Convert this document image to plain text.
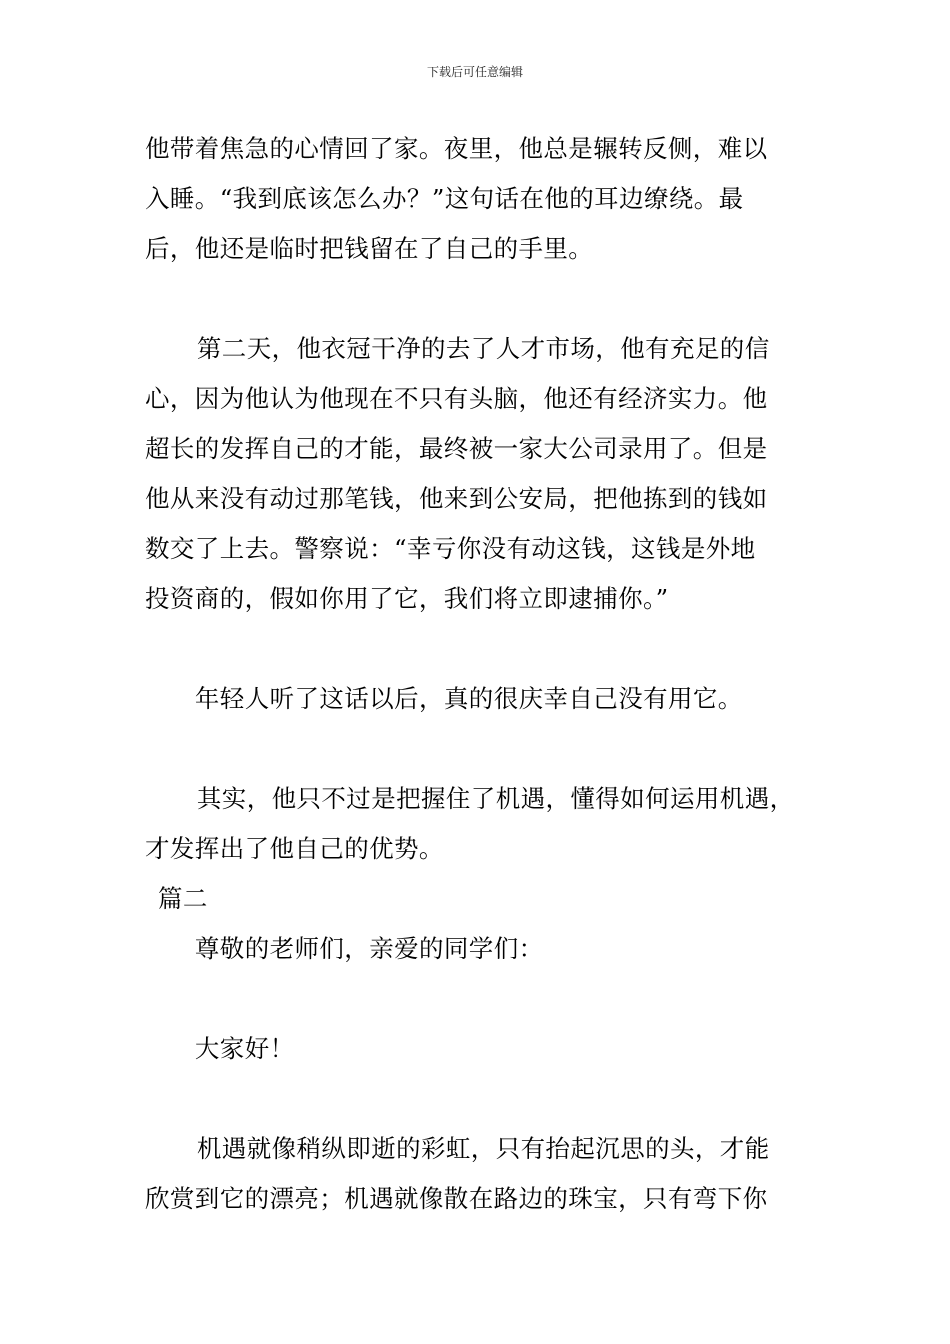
下载后可任意编辑
他带着焦急的心情回了家。夜里，他总是辗转反侧，难以
入睡。“我到底该怎么办？”这句话在他的耳边缭绕。最
后，他还是临时把钱留在了自己的手里。
　第二天，他衣冠干净的去了人才市场，他有充足的信
心，因为他认为他现在不只有头脑，他还有经济实力。他
超长的发挥自己的才能，最终被一家大公司录用了。但是
他从来没有动过那笔钱，他来到公安局，把他拣到的钱如
数交了上去。警察说：“幸亏你没有动这钱，这钱是外地
投资商的，假如你用了它，我们将立即逮捕你。”
　年轻人听了这话以后，真的很庆幸自己没有用它。
　其实，他只不过是把握住了机遇，懂得如何运用机遇，
才发挥出了他自己的优势。
篇二
　尊敬的老师们，亲爱的同学们：
　大家好！
　机遇就像稍纵即逝的彩虹，只有抬起沉思的头，才能
欣赏到它的漂亮；机遇就像散在路边的珠宝，只有弯下你
